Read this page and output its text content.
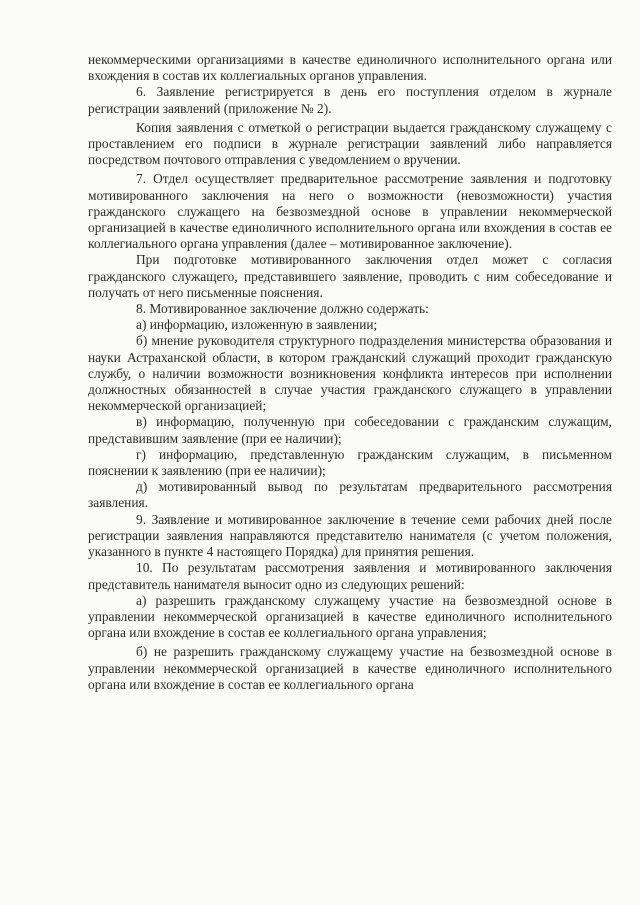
некоммерческими организациями в качестве единоличного исполнительного органа или вхождения в состав их коллегиальных органов управления.

6. Заявление регистрируется в день его поступления отделом в журнале регистрации заявлений (приложение № 2).

Копия заявления с отметкой о регистрации выдается гражданскому служащему с проставлением его подписи в журнале регистрации заявлений либо направляется посредством почтового отправления с уведомлением о вручении.

7. Отдел осуществляет предварительное рассмотрение заявления и подготовку мотивированного заключения на него о возможности (невозможности) участия гражданского служащего на безвозмездной основе в управлении некоммерческой организацией в качестве единоличного исполнительного органа или вхождения в состав ее коллегиального органа управления (далее – мотивированное заключение).

При подготовке мотивированного заключения отдел может с согласия гражданского служащего, представившего заявление, проводить с ним собеседование и получать от него письменные пояснения.

8. Мотивированное заключение должно содержать:

а) информацию, изложенную в заявлении;

б) мнение руководителя структурного подразделения министерства образования и науки Астраханской области, в котором гражданский служащий проходит гражданскую службу, о наличии возможности возникновения конфликта интересов при исполнении должностных обязанностей в случае участия гражданского служащего в управлении некоммерческой организацией;

в) информацию, полученную при собеседовании с гражданским служащим, представившим заявление (при ее наличии);

г) информацию, представленную гражданским служащим, в письменном пояснении к заявлению (при ее наличии);

д) мотивированный вывод по результатам предварительного рассмотрения заявления.

9. Заявление и мотивированное заключение в течение семи рабочих дней после регистрации заявления направляются представителю нанимателя (с учетом положения, указанного в пункте 4 настоящего Порядка) для принятия решения.

10. По результатам рассмотрения заявления и мотивированного заключения представитель нанимателя выносит одно из следующих решений:

а) разрешить гражданскому служащему участие на безвозмездной основе в управлении некоммерческой организацией в качестве единоличного исполнительного органа или вхождение в состав ее коллегиального органа управления;

б) не разрешить гражданскому служащему участие на безвозмездной основе в управлении некоммерческой организацией в качестве единоличного исполнительного органа или вхождение в состав ее коллегиального органа
